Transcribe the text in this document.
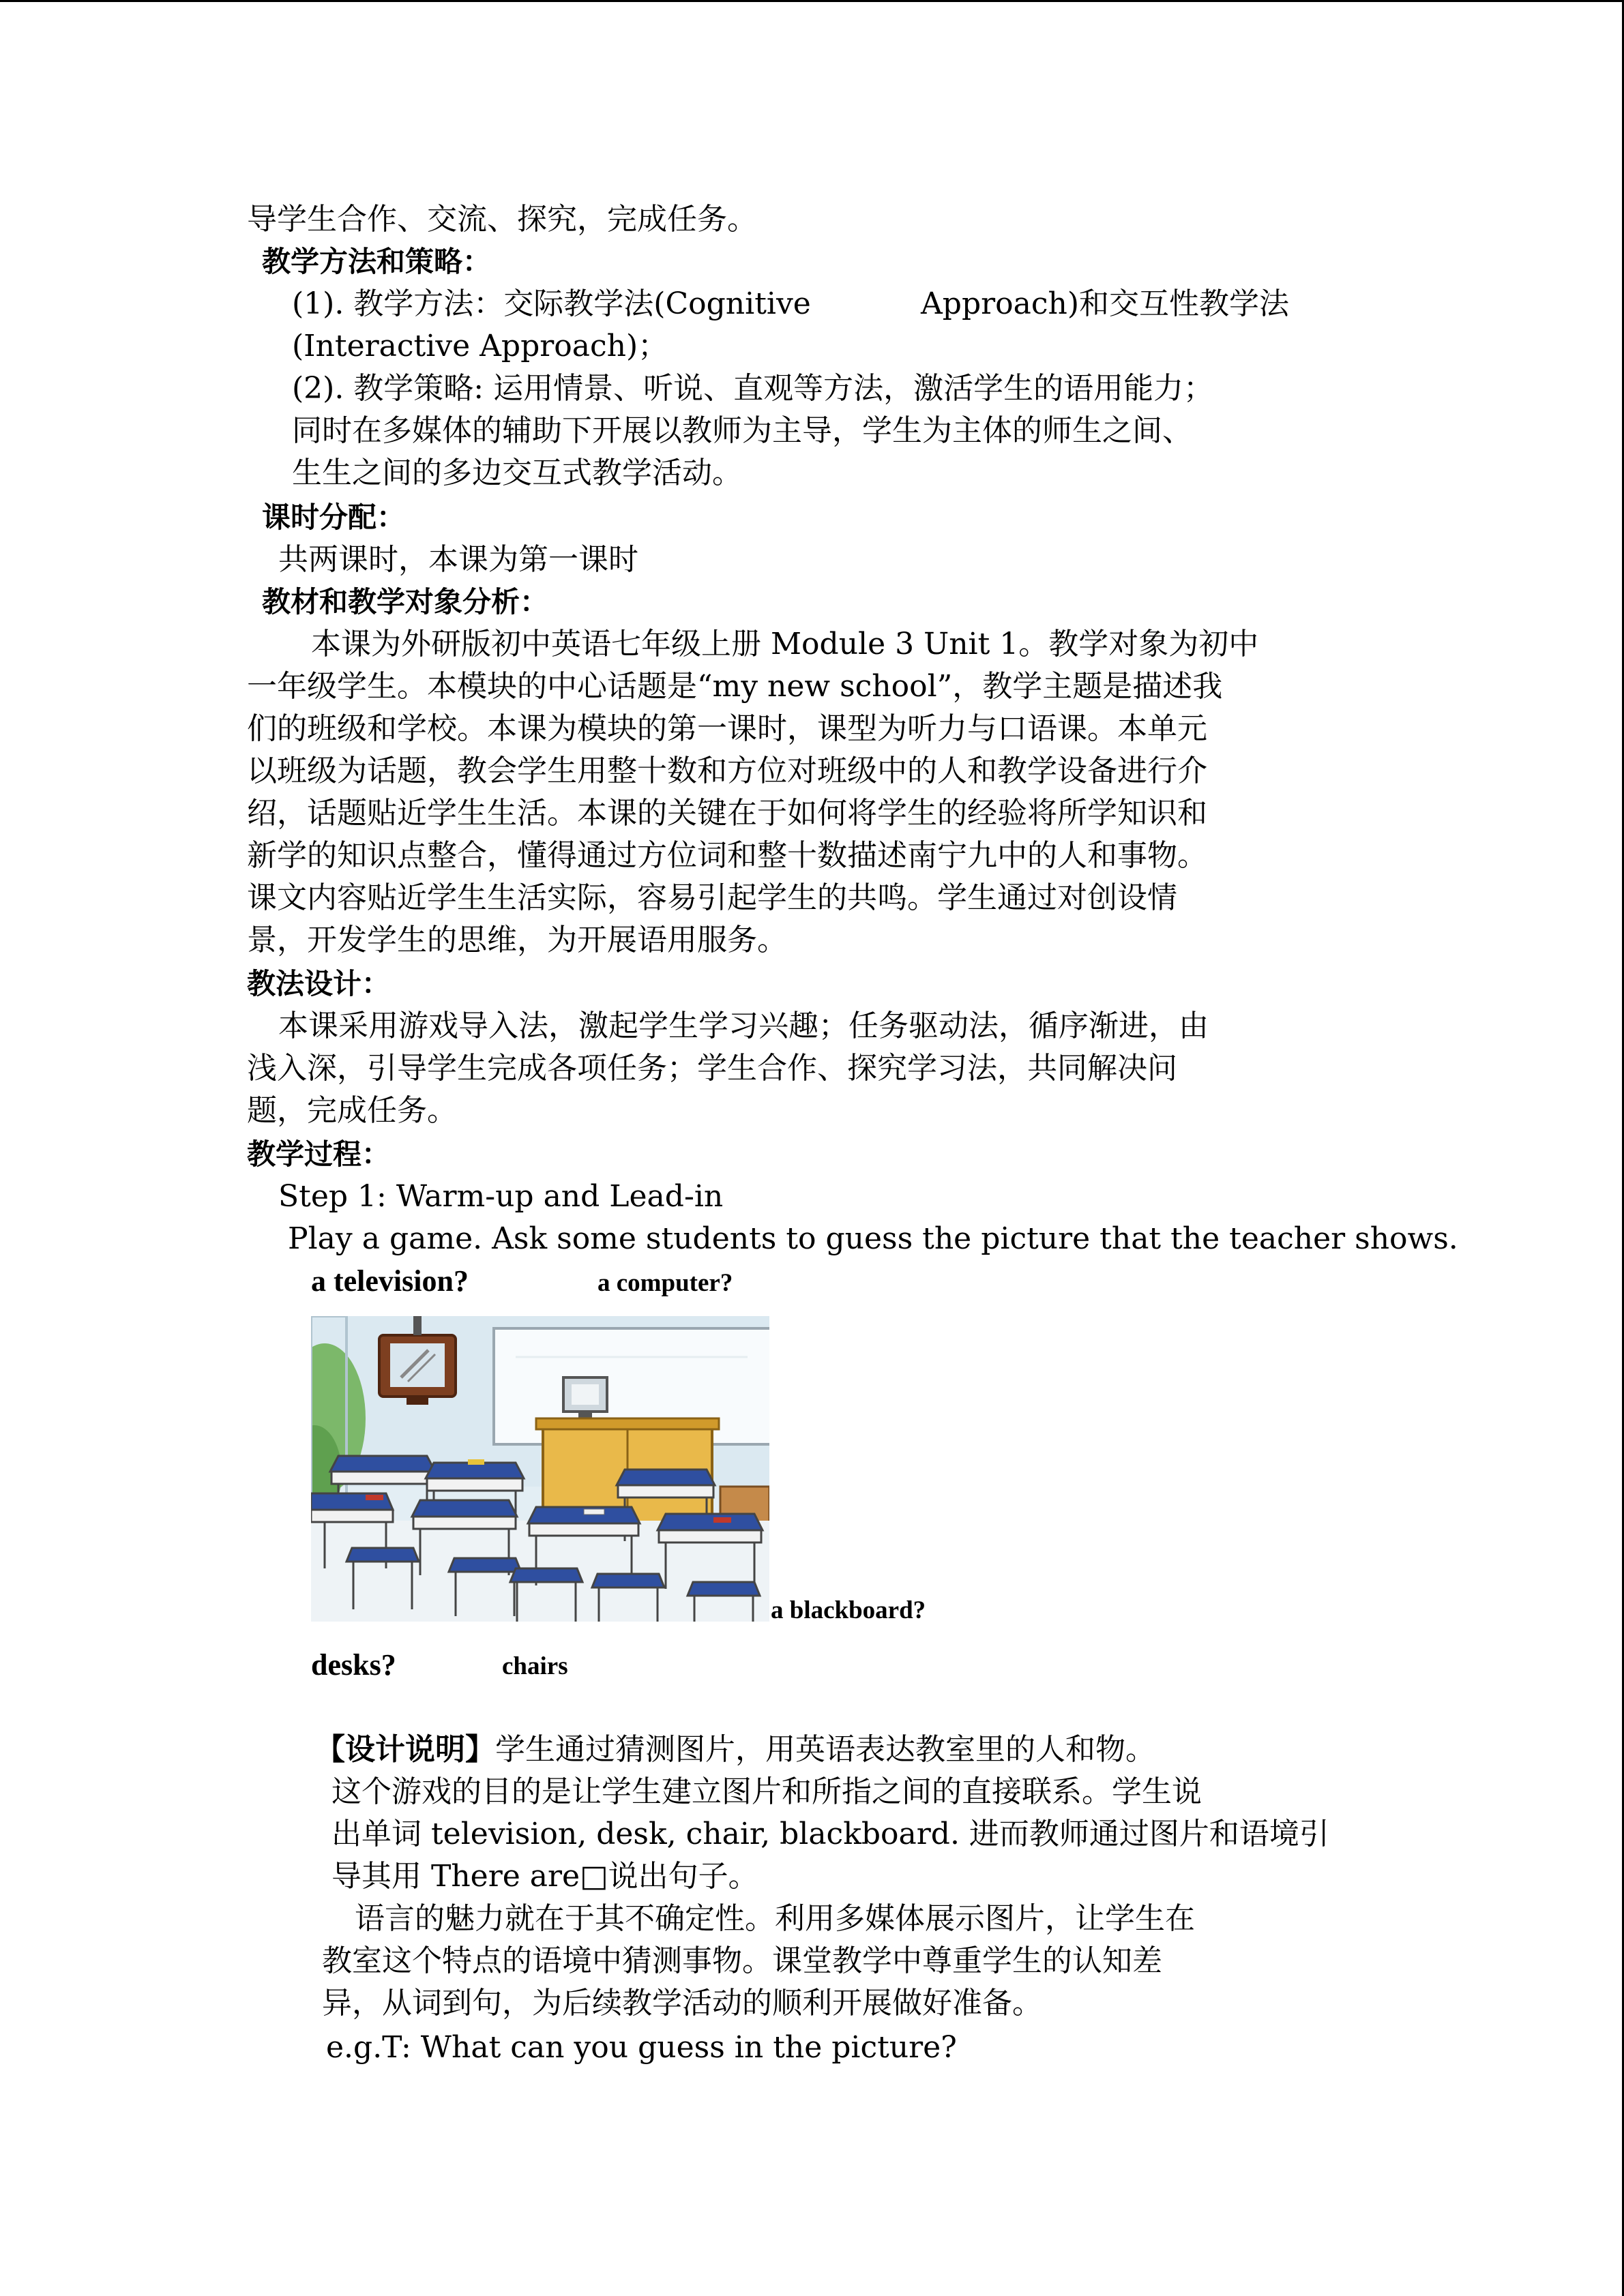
导学生合作、交流、探究，完成任务。
教学方法和策略：
(1). 教学方法：交际教学法(Cognitive	Approach)和交互性教学法
(Interactive Approach)；
(2). 教学策略: 运用情景、听说、直观等方法，激活学生的语用能力；
同时在多媒体的辅助下开展以教师为主导，学生为主体的师生之间、
生生之间的多边交互式教学活动。
课时分配：
共两课时，本课为第一课时
教材和教学对象分析：
本课为外研版初中英语七年级上册 Module 3 Unit 1。教学对象为初中
一年级学生。本模块的中心话题是“my new school”，教学主题是描述我
们的班级和学校。本课为模块的第一课时，课型为听力与口语课。本单元
以班级为话题，教会学生用整十数和方位对班级中的人和教学设备进行介
绍，话题贴近学生生活。本课的关键在于如何将学生的经验将所学知识和
新学的知识点整合，懂得通过方位词和整十数描述南宁九中的人和事物。
课文内容贴近学生生活实际，容易引起学生的共鸣。学生通过对创设情
景，开发学生的思维，为开展语用服务。
教法设计：
本课采用游戏导入法，激起学生学习兴趣；任务驱动法，循序渐进，由
浅入深，引导学生完成各项任务；学生合作、探究学习法，共同解决问
题，完成任务。
教学过程：
Step 1: Warm-up and Lead-in
Play a game. Ask some students to guess the picture that the teacher shows.
a television?	a computer?
a blackboard?
desks?	chairs
【设计说明】学生通过猜测图片，用英语表达教室里的人和物。
这个游戏的目的是让学生建立图片和所指之间的直接联系。学生说
出单词 television, desk, chair, blackboard. 进而教师通过图片和语境引
导其用 There are□说出句子。
语言的魅力就在于其不确定性。利用多媒体展示图片，让学生在
教室这个特点的语境中猜测事物。课堂教学中尊重学生的认知差
异，从词到句，为后续教学活动的顺利开展做好准备。
e.g.T: What can you guess in the picture?
